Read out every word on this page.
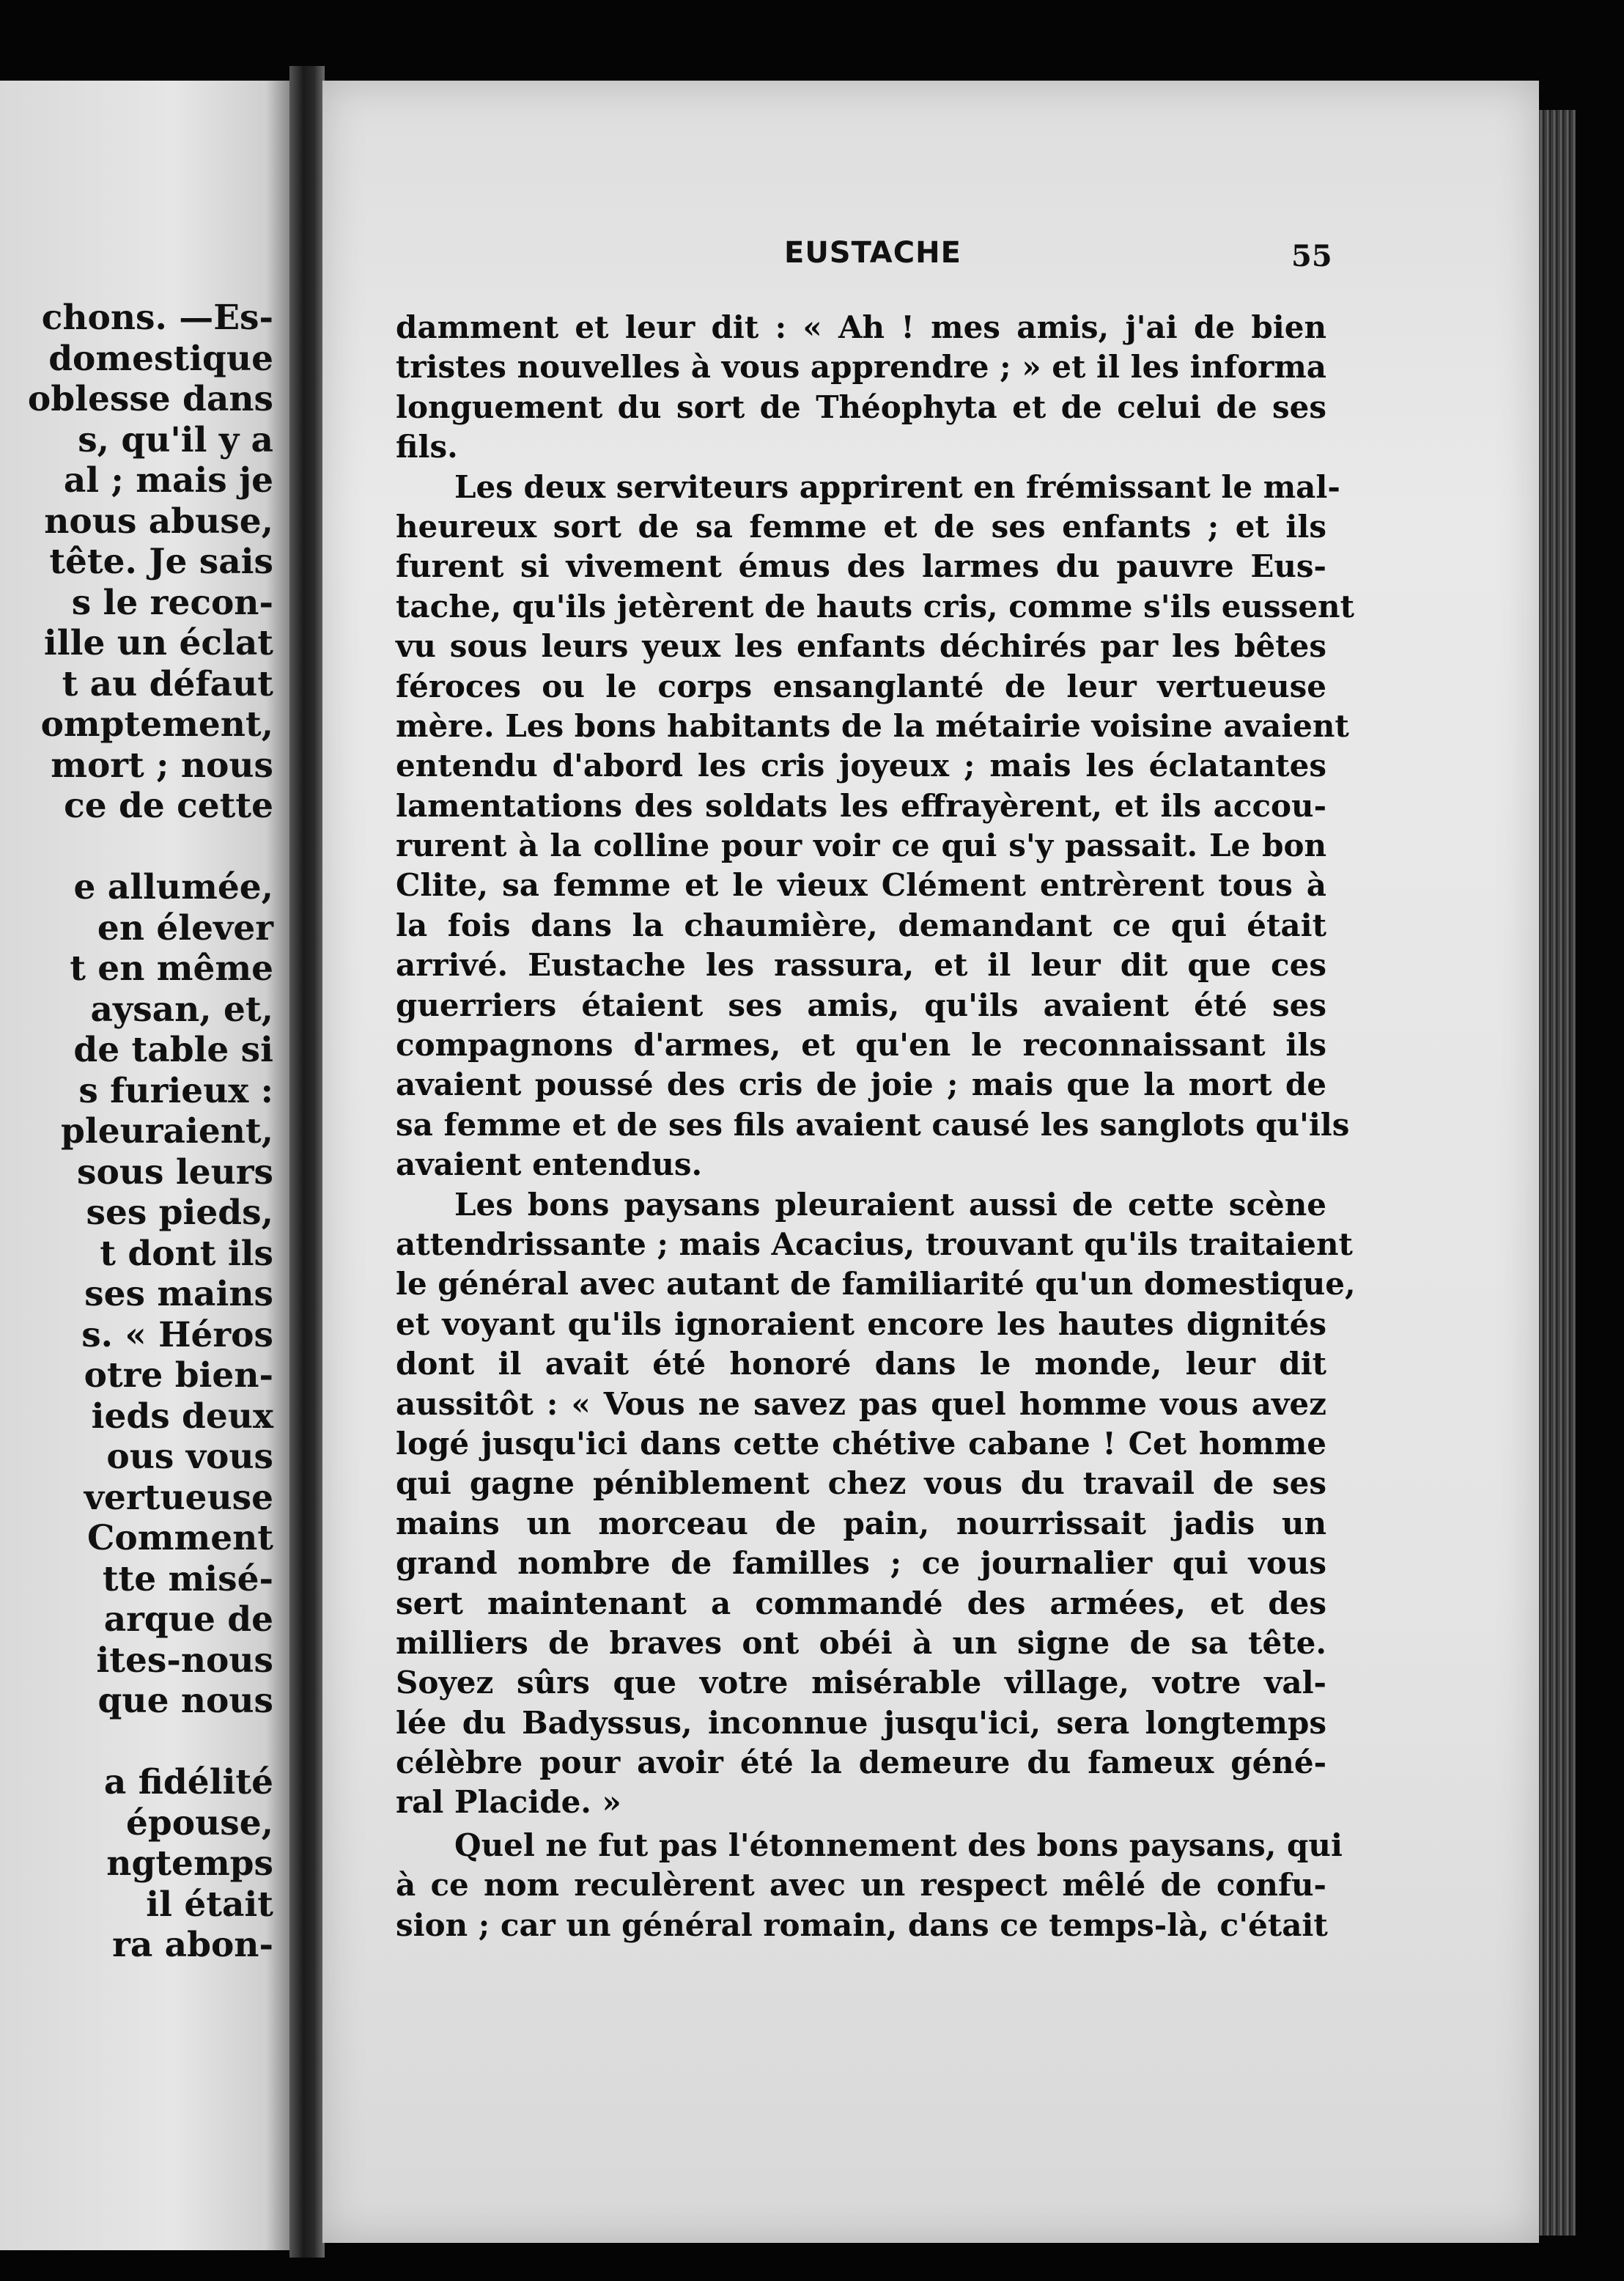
chons. —Es-
domestique
oblesse dans
s, qu'il y a
al ; mais je
nous abuse,
tête. Je sais
s le recon-
ille un éclat
t au défaut
omptement,
mort ; nous
ce de cette
e allumée,
en élever
t en même
aysan, et,
de table si
s furieux :
pleuraient,
sous leurs
ses pieds,
t dont ils
ses mains
s. « Héros
otre bien-
ieds deux
ous vous
vertueuse
Comment
tte misé-
arque de
ites-nous
que nous
a fidélité
épouse,
ngtemps
il était
ra abon-
EUSTACHE	55
damment et leur dit : « Ah ! mes amis, j'ai de bien
tristes nouvelles à vous apprendre ; » et il les informa
longuement du sort de Théophyta et de celui de ses
fils.
Les deux serviteurs apprirent en frémissant le mal-
heureux sort de sa femme et de ses enfants ; et ils
furent si vivement émus des larmes du pauvre Eus-
tache, qu'ils jetèrent de hauts cris, comme s'ils eussent
vu sous leurs yeux les enfants déchirés par les bêtes
féroces ou le corps ensanglanté de leur vertueuse
mère. Les bons habitants de la métairie voisine avaient
entendu d'abord les cris joyeux ; mais les éclatantes
lamentations des soldats les effrayèrent, et ils accou-
rurent à la colline pour voir ce qui s'y passait. Le bon
Clite, sa femme et le vieux Clément entrèrent tous à
la fois dans la chaumière, demandant ce qui était
arrivé. Eustache les rassura, et il leur dit que ces
guerriers étaient ses amis, qu'ils avaient été ses
compagnons d'armes, et qu'en le reconnaissant ils
avaient poussé des cris de joie ; mais que la mort de
sa femme et de ses fils avaient causé les sanglots qu'ils
avaient entendus.
Les bons paysans pleuraient aussi de cette scène
attendrissante ; mais Acacius, trouvant qu'ils traitaient
le général avec autant de familiarité qu'un domestique,
et voyant qu'ils ignoraient encore les hautes dignités
dont il avait été honoré dans le monde, leur dit
aussitôt : « Vous ne savez pas quel homme vous avez
logé jusqu'ici dans cette chétive cabane ! Cet homme
qui gagne péniblement chez vous du travail de ses
mains un morceau de pain, nourrissait jadis un
grand nombre de familles ; ce journalier qui vous
sert maintenant a commandé des armées, et des
milliers de braves ont obéi à un signe de sa tête.
Soyez sûrs que votre misérable village, votre val-
lée du Badyssus, inconnue jusqu'ici, sera longtemps
célèbre pour avoir été la demeure du fameux géné-
ral Placide. »
Quel ne fut pas l'étonnement des bons paysans, qui
à ce nom reculèrent avec un respect mêlé de confu-
sion ; car un général romain, dans ce temps-là, c'était
